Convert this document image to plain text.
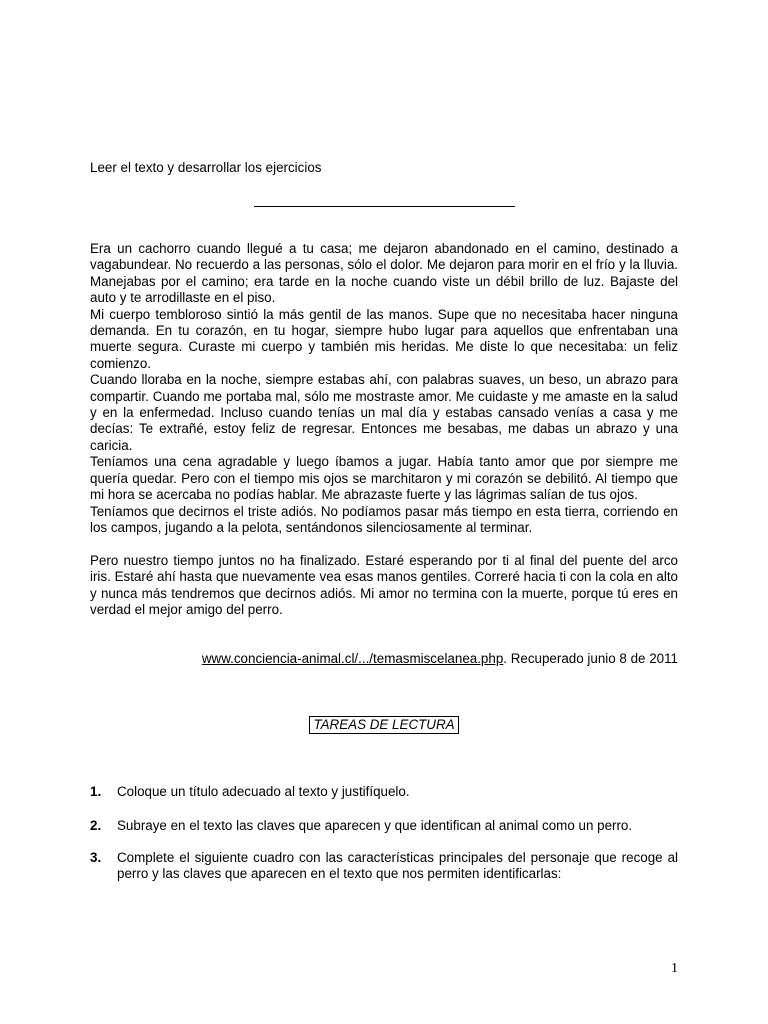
Leer el texto y desarrollar los ejercicios

Era un cachorro cuando llegué a tu casa; me dejaron abandonado en el camino, destinado a vagabundear. No recuerdo a las personas, sólo el dolor. Me dejaron para morir en el frío y la lluvia. Manejabas por el camino; era tarde en la noche cuando viste un débil brillo de luz. Bajaste del auto y te arrodillaste en el piso.

Mi cuerpo tembloroso sintió la más gentil de las manos. Supe que no necesitaba hacer ninguna demanda. En tu corazón, en tu hogar, siempre hubo lugar para aquellos que enfrentaban una muerte segura. Curaste mi cuerpo y también mis heridas. Me diste lo que necesitaba: un feliz comienzo.

Cuando lloraba en la noche, siempre estabas ahí, con palabras suaves, un beso, un abrazo para compartir. Cuando me portaba mal, sólo me mostraste amor. Me cuidaste y me amaste en la salud y en la enfermedad. Incluso cuando tenías un mal día y estabas cansado venías a casa y me decías: Te extrañé, estoy feliz de regresar. Entonces me besabas, me dabas un abrazo y una caricia.

Teníamos una cena agradable y luego íbamos a jugar. Había tanto amor que por siempre me quería quedar. Pero con el tiempo mis ojos se marchitaron y mi corazón se debilitó. Al tiempo que mi hora se acercaba no podías hablar. Me abrazaste fuerte y las lágrimas salían de tus ojos.

Teníamos que decirnos el triste adiós. No podíamos pasar más tiempo en esta tierra, corriendo en los campos, jugando a la pelota, sentándonos silenciosamente al terminar.

Pero nuestro tiempo juntos no ha finalizado. Estaré esperando por ti al final del puente del arco iris. Estaré ahí hasta que nuevamente vea esas manos gentiles. Correré hacia ti con la cola en alto y nunca más tendremos que decirnos adiós. Mi amor no termina con la muerte, porque tú eres en verdad el mejor amigo del perro.

www.conciencia-animal.cl/.../temasmiscelanea.php. Recuperado junio 8 de 2011
TAREAS DE LECTURA
1.	Coloque un título adecuado al texto y justifíquelo.
2.	Subraye en el texto las claves que aparecen y que identifican al animal como un perro.
3.	Complete el siguiente cuadro con las características principales del personaje que recoge al perro y las claves que aparecen en el texto que nos permiten identificarlas:
1
